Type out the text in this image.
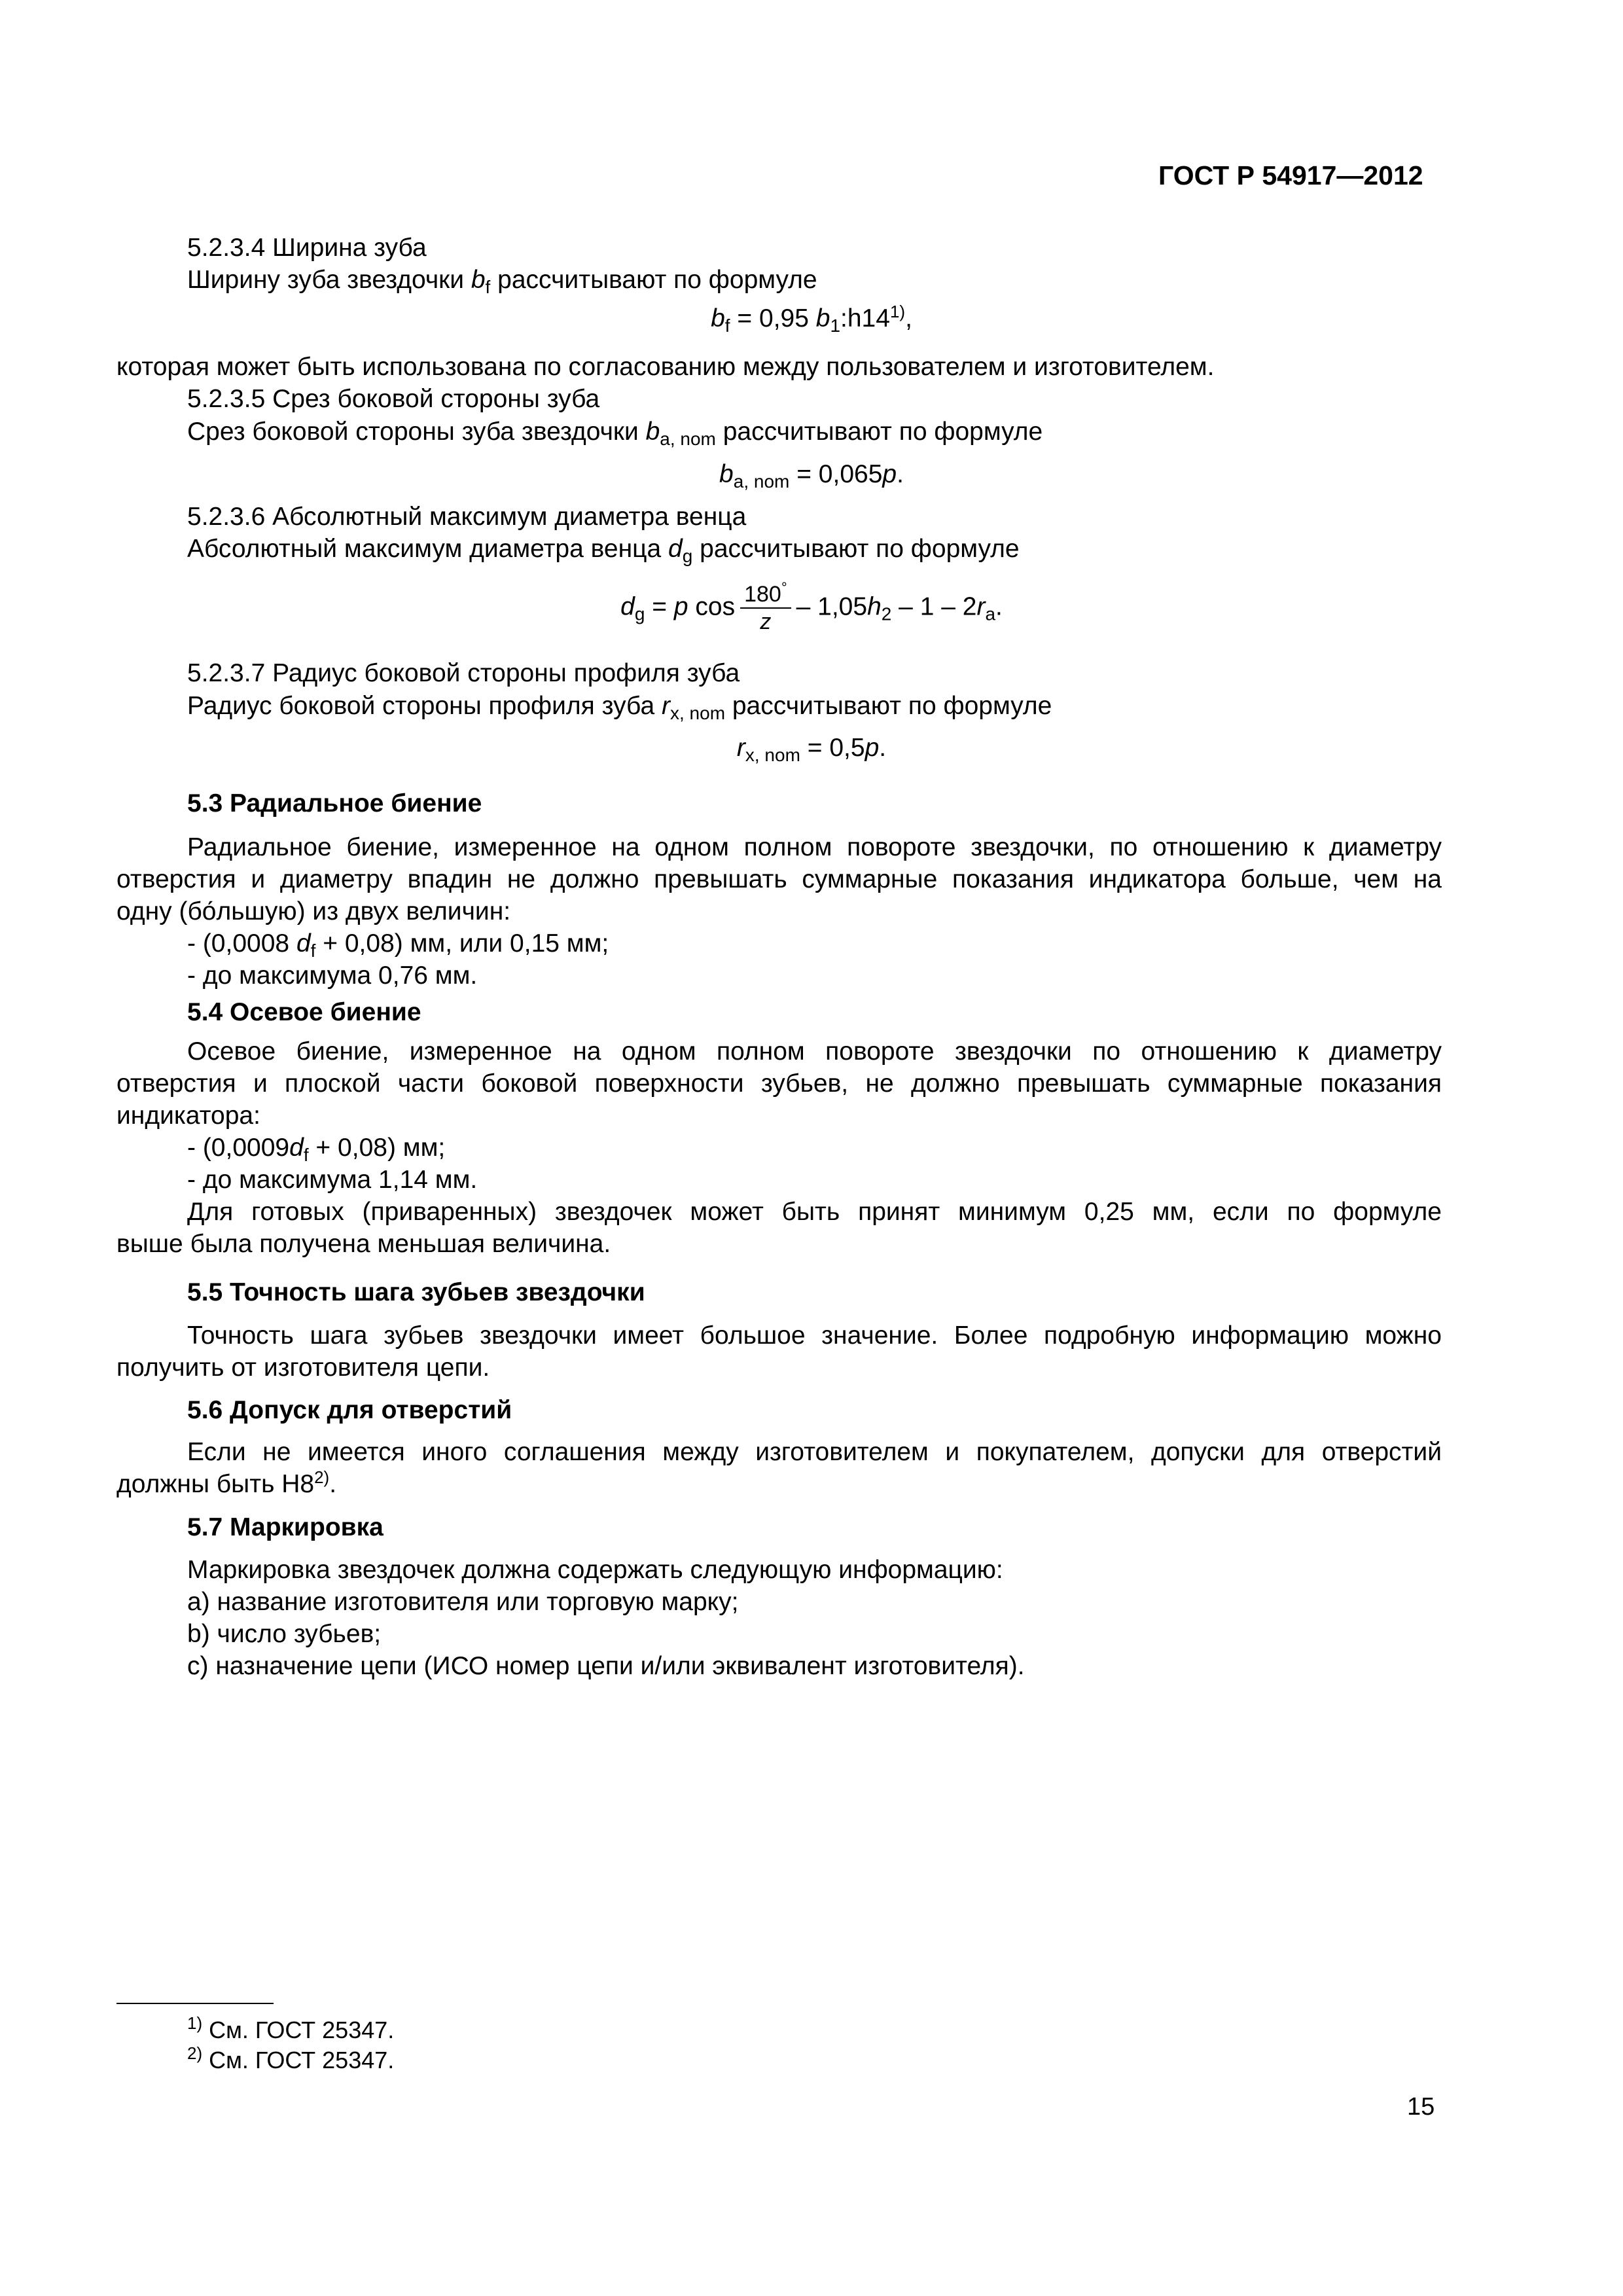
ГОСТ Р 54917—2012
5.2.3.4 Ширина зуба
Ширину зуба звездочки $b_f$ рассчитывают по формуле
$b_f = 0,95$ $b_1:h14^{1)}$,
которая может быть использована по согласованию между пользователем и изготовителем.
5.2.3.5 Срез боковой стороны зуба
Срез боковой стороны зуба звездочки $b_{a, nom}$ рассчитывают по формуле
$b_{a, nom} = 0,065p$.
5.2.3.6 Абсолютный максимум диаметра венца
Абсолютный максимум диаметра венца $d_g$ рассчитывают по формуле
$d_g = p$ $\cos \frac{180^\circ}{z} - 1,05h_2 - 1 - 2r_a$.
5.2.3.7 Радиус боковой стороны профиля зуба
Радиус боковой стороны профиля зуба $r_{x, nom}$ рассчитывают по формуле
$r_{x, nom} = 0,5p$.
5.3 Радиальное биение
Радиальное биение, измеренное на одном полном повороте звездочки, по отношению к диаметру
отверстия и диаметру впадин не должно превышать суммарные показания индикатора больше, чем на
одну (бо́льшую) из двух величин:
- (0,0008 $d_f + 0,08$) мм, или 0,15 мм;
- до максимума 0,76 мм.
5.4 Осевое биение
Осевое биение, измеренное на одном полном повороте звездочки по отношению к диаметру
отверстия и плоской части боковой поверхности зубьев, не должно превышать суммарные показания
индикатора:
- $(0,0009d_f + 0,08)$ мм;
- до максимума 1,14 мм.
Для готовых (приваренных) звездочек может быть принят минимум 0,25 мм, если по формуле
выше была получена меньшая величина.
5.5 Точность шага зубьев звездочки
Точность шага зубьев звездочки имеет большое значение. Более подробную информацию можно
получить от изготовителя цепи.
5.6 Допуск для отверстий
Если не имеется иного соглашения между изготовителем и покупателем, допуски для отверстий
должны быть H8$^{2)}$.
5.7 Маркировка
Маркировка звездочек должна содержать следующую информацию:
a) название изготовителя или торговую марку;
b) число зубьев;
c) назначение цепи (ИСО номер цепи и/или эквивалент изготовителя).
$^{1)}$ См. ГОСТ 25347.
$^{2)}$ См. ГОСТ 25347.
15
